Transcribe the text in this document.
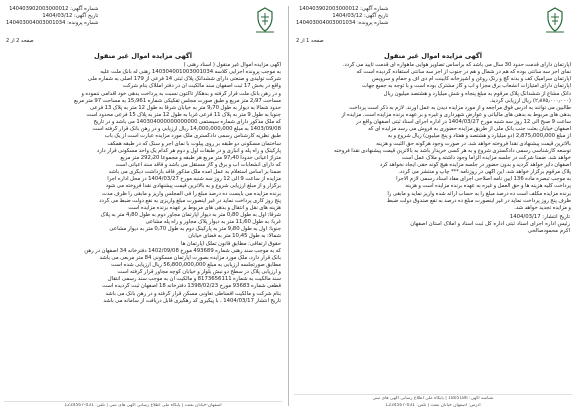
شماره آگهی: 140403902003000012
تاریخ آگهی: 1404/03/12
شماره پرونده: 140403004003001034
صفحه 1 از 2
آگهی مزایده اموال غیر منقول
آپارتمان دارای قدمت حدود 30 سال می باشد که براساس تصاویر هوایی ماهواره ای قدمت تایید می گردد.
نمای آجر سه سانتی بوده که هم در شمال و هم در جنوب از اجر سه سانتی استفاده گردیده است که
آپارتمان سرامیک کف و بدنه گچ و رنگ روغن و آشپزخانه کابینت ام دی اف و حمام و سرویس
آپارتمان دارای امتیازات انشعاب برق مجزا و آب و گاز مشترک بوده است و با توجه به جمیع جهات
دانگ مشاع از ششدانگ پلاک مرقوم به مبلغ پنجاه و شش میلیارد و هشتصد میلیون ریال
(۲٫۸۷۵٫۰۰۰٫۰۰۰) ریال ارزیابی گردید.
طالبین می توانند به آدرس فوق مراجعه و از مورد مزایده دیدن به عمل آورند. لازم به ذکر است پرداخت
بدهی های مربوط به بدهی های مالیاتی و عوارض شهرداری و غیره و بر عهده برنده مزایده است. مزایده از
ساعت 9 صبح الی 12 روز سه شنبه مورخ 1404/03/27 در اداره اجرای اسناد ثبتی اصفهان واقع در
اصفهان خیابان بعثت جنب بانک ملی از طریق مزایده حضوری به فروش می رسد مزایده ای که
از مبلغ 2٫875٫000٫000 (دو میلیارد و هشتصد و هفتاد و پنج میلیون) ریال شروع و به
بالاترین قیمت پیشنهادی نقداً فروخته خواهد شد. در صورت وجود هرگونه حق الثبت و هزینه
توسعه کارشناسی رسمی دادگستری شروع و به هر کسی خریدار باشد به بالاترین قیمت پیشنهادی نقداً فروخته
خواهد شد. ضمنا شرکت در جلسه مزایده الزاما وجود داشته و ملاک عمل است
اصفهان دایر خواهد گردید و بدون حضور در جلسه مزایده هیچ گونه حقی ایجاد نخواهد کرد
پلاک مرقوم برگزار خواهد شد. این آگهی در روزنامه *** چاپ و منتشر می گردد.
به موجب تبصره ماده 136 آیین نامه اصلاحی اجرای مفاد اسناد رسمی لازم الاجرا
پرداخت کلیه هزینه ها و حق العمل و غیره به عهده برنده مزایده است و هزینه
برنده مزایده مکلف است ده درصد مبلغ را به حساب ارائه شده واریز نماید و مابقی را
ظرف پنج روز پرداخت نماید در غیر اینصورت مبلغ ده درصد به نفع صندوق دولت ضبط
و مزایده تجدید خواهد شد.
تاریخ انتشار: 1404/03/17
رئیس اداره اجرای اسناد ثبتی اداره کل ثبت اسناد و املاک استان اصفهان
اکرم محمودصالحی
شناسه آگهی: 1805186 | پایگاه ملی اطلاع رسانی آگهی های ثبتی
آدرس: اصفهان خیابان بعثت | تلفن: 031-1234567
شماره آگهی: 140403902003000012
تاریخ آگهی: 1404/03/12
شماره پرونده: 140403004003001034
صفحه 2 از 2
آگهی مزایده اموال غیر منقول
آگهی مزایده اموال غیر منقول ( اسناد رهنی )
به موجب پرونده اجرایی کلاسه 140304001003001034 رهنی له بانک ملت علیه
شرکت تولیدی و صنعتی دارای ششدانگ پلاک ثبتی 14 فرعی از 179 اصلی به شماره ملی
واقع در بخش 17 ثبت اصفهان سند مالکیت آن در دفتر امللاک بنام شرکت
و در رهن بانک ملت قرار گرفته و بدهکار تاکنون نسبت به پرداخت بدهی خود اقدامی ننموده و
مساحت 2٫97 متر مربع و طبق صورت مجلس تفکیکی شماره 15٫961 به مساحت 97 متر مربع
حدود شمالا به دیوار به طول 9٫70 متر به خیابان شرقا به طول 12 متر به پلاک 13 فرعی
جنوبا به طول 9 متر به پلاک 11 فرعی غربا به طول 12 متر به پلاک 15 فرعی محدود است
که ملک مذکور دارای شماره سیستمی 140304000000000000 می باشد و در تاریخ
1403/09/08 به مبلغ 14٫000٫000٫000 ریال ارزیابی و در رهن بانک قرار گرفته است
طبق نظریه کارشناس رسمی دادگستری ملک مورد مزایده عبارت است از یک باب
ساختمان مسکونی دو طبقه بر روی پیلوت با نمای آجر و سنگ که در طبقه همکف
پارکینگ و راه پله و انباری و در طبقات اول و دوم هر کدام یک واحد مسکونی قرار دارد
متراژ اعیانی حدوداً 97٫40 متر مربع هر طبقه و مجموعاً 292٫20 متر مربع
که دارای انشعابات آب و برق و گاز مستقل می باشد و فاقد سند اعیانی است
ضمنا بر اساس استعلام به عمل آمده ملک مذکور فاقد بازداشت دیگری می باشد
مزایده از ساعت 9 الی 12 روز سه شنبه مورخ 1404/03/27 در محل اداره اجرا
برگزار و از مبلغ ارزیابی شروع و به بالاترین قیمت پیشنهادی نقدا فروخته می شود
برنده مزایده می بایست ده درصد مبلغ را فی المجلس واریز و مابقی را ظرف مدت
پنج روز کاری پرداخت نماید در غیر اینصورت مبلغ واریزی به نفع دولت ضبط می گردد
هزینه های نقل و انتقال و بدهی های مربوط بر عهده برنده مزایده است
شرقاً: اول به طول 0٫80 متر به دیوار آپارتمان مجاور دوم به طول 4٫80 متر به پلاک
غرباً: به طول 11٫60 متر به دیوار پلاک مجاور و راه پله مشاعی
جنوباً: اول به طول 9٫80 متر به پارکینگ دوم به طول 0٫70 متر به دیوار مشاعی
شمالاً: به طول 10٫45 متر به فضای خیابان
حقوق ارتفاقی: مطابق قانون تملک آپارتمان ها
که به موجب سند رهنی شماره 493689 مورخ 1402/09/08 دفترخانه 34 اصفهان در رهن
بانک قرار دارد، ملک مورد مزایده بصورت آپارتمان مسکونی 84 متر مربعی می باشد
مطابق صورتجلسه ارزیابی به مبلغ 56٫800٫000٫000 ریال ارزیابی شده است
و ارزیابی پلاک در سطح دو نبش بلوار و خیابان کوچه مجاور قرار گرفته است
سند مالکیت به شماره 8173656111 و مالکیت آن به موجب سند رسمی انتقال
قطعی شماره 93683 مورخ 1398/02/23 دفترخانه 18 اصفهان ثبت گردیده است
بنام شرکت و مالکیت اقساطی تعاونی مسکن قرار گرفته و در رهن بانک می باشد
تاریخ انتشار 1404/03/17 ، با پیگیری کد رهگیری قابل دریافت از سامانه می باشد
اصفهان-خیابان بعثت | پایگاه ملی اطلاع رسانی آگهی های ثبتی | تلفن: 031-1234567
